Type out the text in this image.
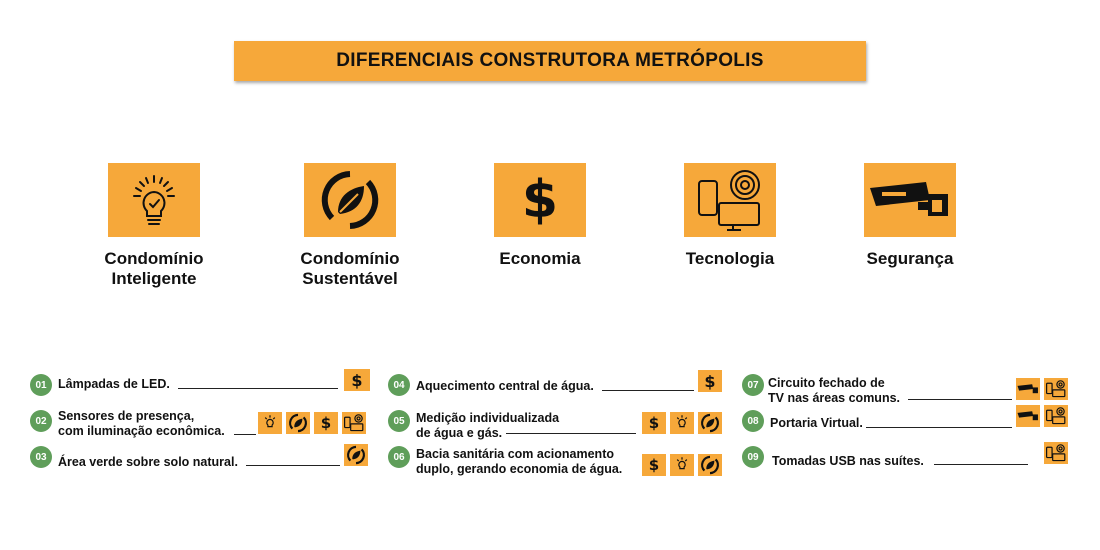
DIFERENCIAIS CONSTRUTORA METRÓPOLIS
Condomínio
Inteligente
Condomínio
Sustentável
$
Economia	Tecnologia	Segurança
01 Lâmpadas de LED.	$
02 Sensores de presença,
com iluminação econômica.	$
03 Área verde sobre solo natural.
04 Aquecimento central de água.	$
05 Medição individualizada
de água e gás.
$
06 Bacia sanitária com acionamento
duplo, gerando economia de água. $
07 Circuito fechado de
TV nas áreas comuns.
08 Portaria Virtual.
09	Tomadas USB nas suítes.
